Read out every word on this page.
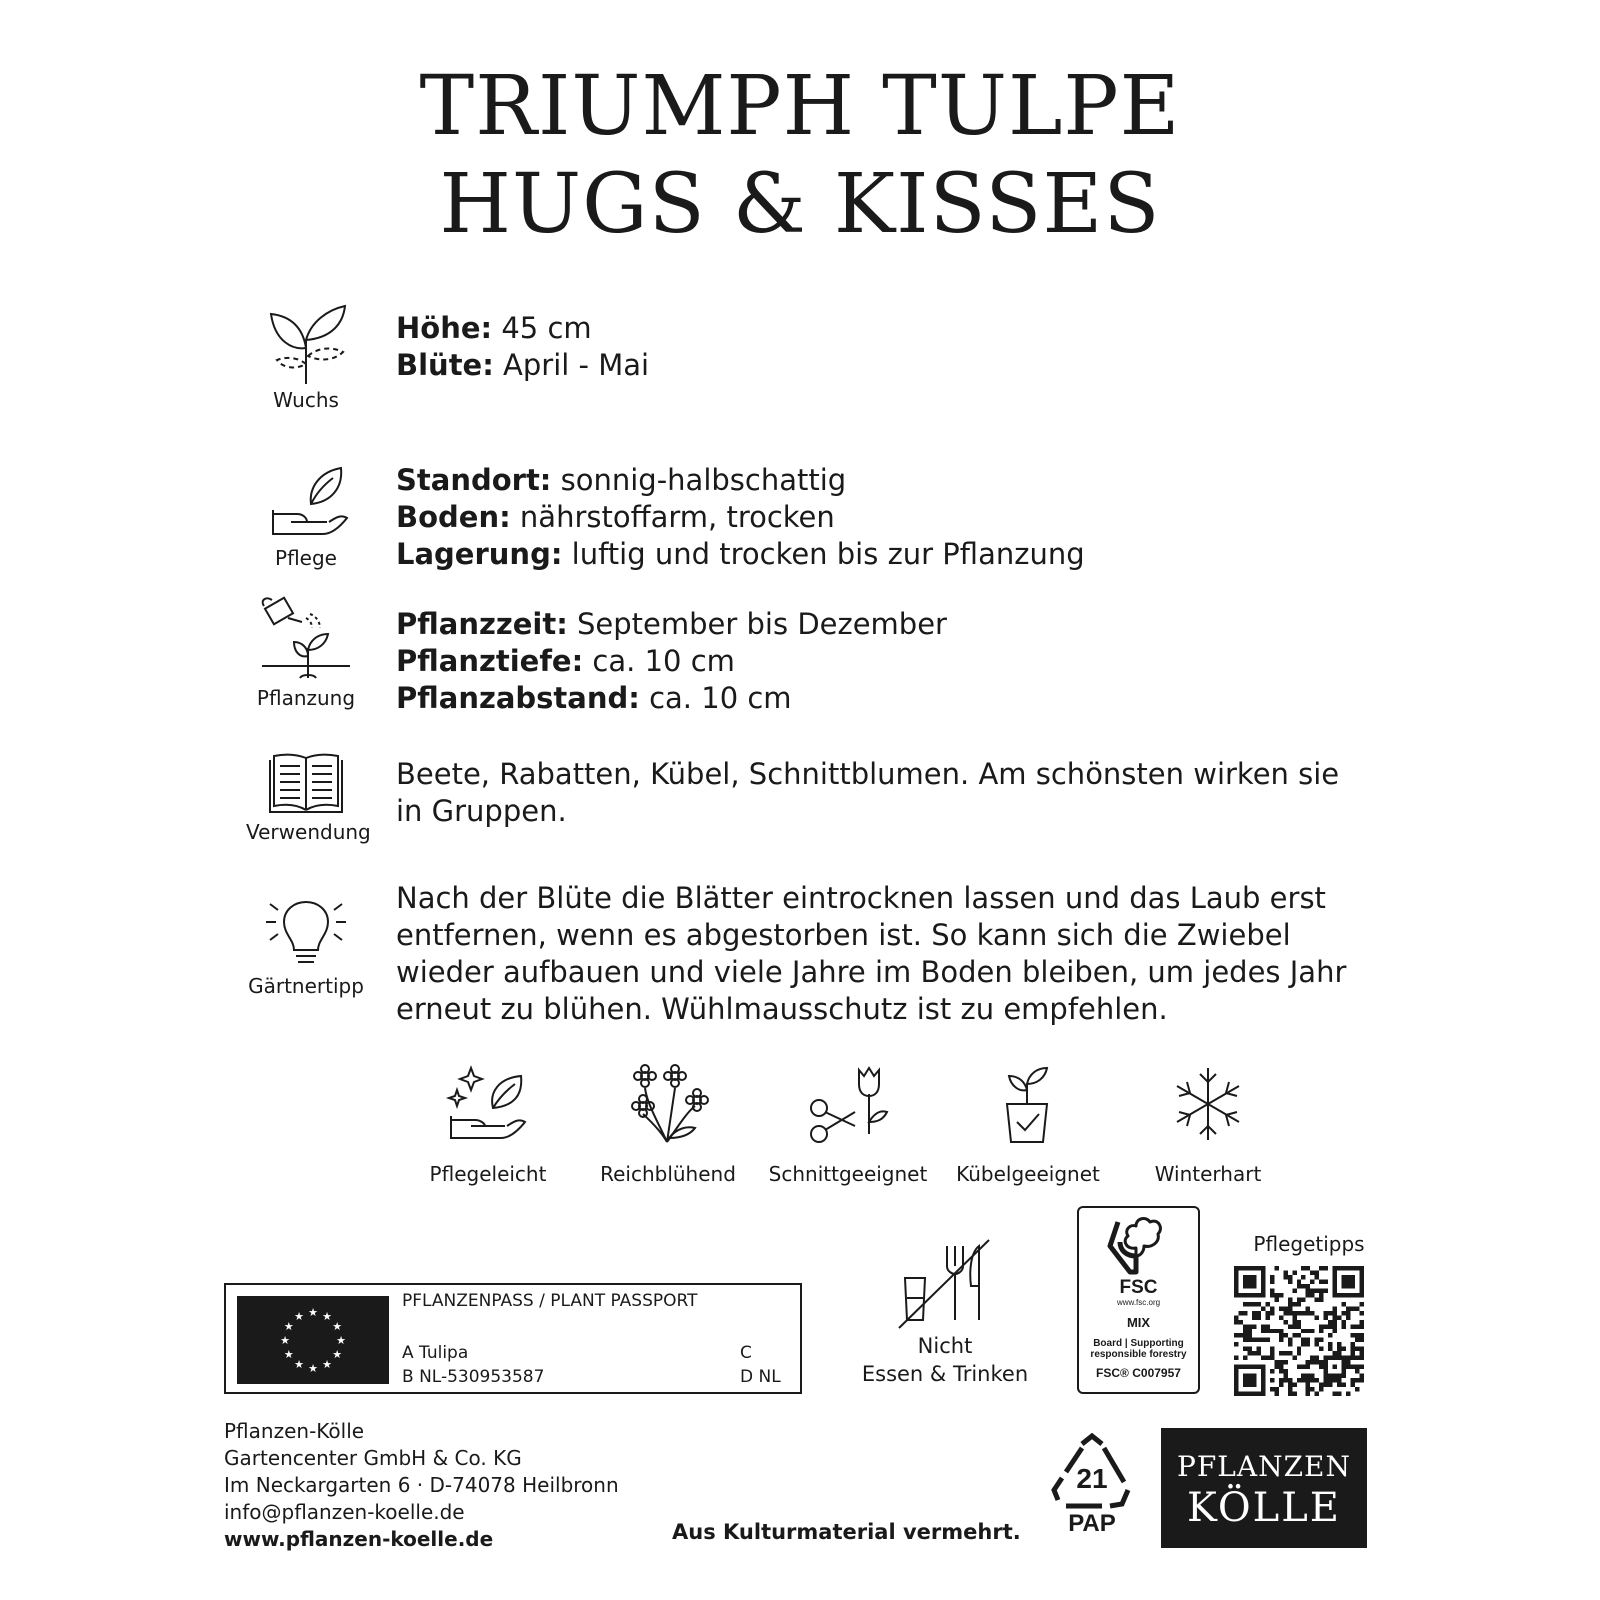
TRIUMPH TULPE
HUGS & KISSES
Wuchs
Höhe: 45 cm
Blüte: April - Mai
Pflege
Standort: sonnig-halbschattig
Boden: nährstoffarm, trocken
Lagerung: luftig und trocken bis zur Pflanzung
Pflanzung
Pflanzzeit: September bis Dezember
Pflanztiefe: ca. 10 cm
Pflanzabstand: ca. 10 cm
Verwendung
Beete, Rabatten, Kübel, Schnittblumen. Am schönsten wirken sie in Gruppen.
Gärtnertipp
Nach der Blüte die Blätter eintrocknen lassen und das Laub erst entfernen, wenn es abgestorben ist. So kann sich die Zwiebel wieder aufbauen und viele Jahre im Boden bleiben, um jedes Jahr erneut zu blühen. Wühlmausschutz ist zu empfehlen.
Pflegeleicht	Reichblühend	Schnittgeeignet	Kübelgeeignet	Winterhart
★ ★
★
★
★
★
★
★
★
★
★
★
PFLANZENPASS / PLANT PASSPORT
A Tulipa
B NL-530953587
C
D NL
Nicht
Essen & Trinken
FSC
www.fsc.org
MIX
Board | Supporting responsible forestry
FSC® C007957
Pflegetipps
Pflanzen-Kölle
Gartencenter GmbH & Co. KG
Im Neckargarten 6 · D-74078 Heilbronn
info@pflanzen-koelle.de
www.pflanzen-koelle.de	Aus Kulturmaterial vermehrt.
21
PAP
PFLANZEN
KÖLLE
